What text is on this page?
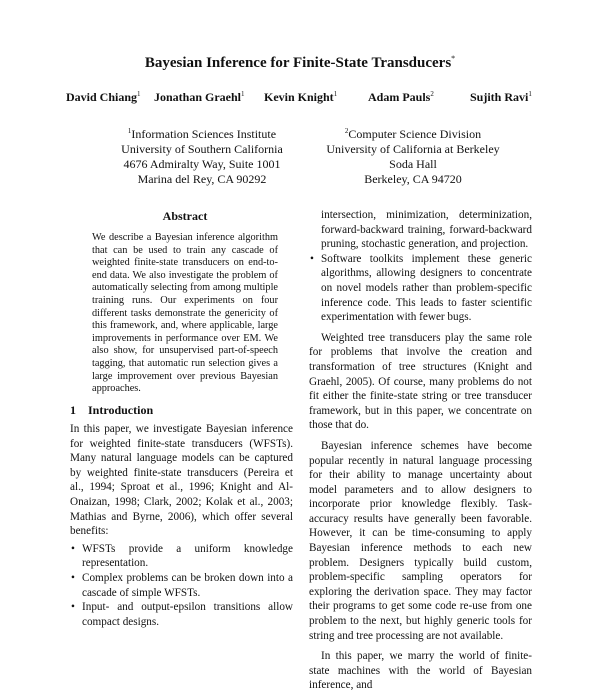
Bayesian Inference for Finite-State Transducers*
David Chiang$^1$ Jonathan Graehl$^1$ Kevin Knight$^1$	Adam Pauls$^2$	Sujith Ravi$^1$
$^1$Information Sciences Institute
University of Southern California
4676 Admiralty Way, Suite 1001
Marina del Rey, CA 90292
$^2$Computer Science Division
University of California at Berkeley
Soda Hall
Berkeley, CA 94720
Abstract
We describe a Bayesian inference algorithm that can be used to train any cascade of weighted finite-state transducers on end-to-end data. We also investigate the problem of automatically selecting from among multiple training runs. Our experiments on four different tasks demonstrate the genericity of this framework, and, where applicable, large improvements in performance over EM. We also show, for unsupervised part-of-speech tagging, that automatic run selection gives a large improvement over previous Bayesian approaches.
1 Introduction

In this paper, we investigate Bayesian inference for weighted finite-state transducers (WFSTs). Many natural language models can be captured by weighted finite-state transducers (Pereira et al., 1994; Sproat et al., 1996; Knight and Al-Onaizan, 1998; Clark, 2002; Kolak et al., 2003; Mathias and Byrne, 2006), which offer several benefits:

• WFSTs provide a uniform knowledge representation.
• Complex problems can be broken down into a cascade of simple WFSTs.
• Input- and output-epsilon transitions allow compact designs.

intersection, minimization, determinization, forward-backward training, forward-backward pruning, stochastic generation, and projection.

• Software toolkits implement these generic algorithms, allowing designers to concentrate on novel models rather than problem-specific inference code. This leads to faster scientific experimentation with fewer bugs.

Weighted tree transducers play the same role for problems that involve the creation and transformation of tree structures (Knight and Graehl, 2005). Of course, many problems do not fit either the finite-state string or tree transducer framework, but in this paper, we concentrate on those that do.

Bayesian inference schemes have become popular recently in natural language processing for their ability to manage uncertainty about model parameters and to allow designers to incorporate prior knowledge flexibly. Task-accuracy results have generally been favorable. However, it can be time-consuming to apply Bayesian inference methods to each new problem. Designers typically build custom, problem-specific sampling operators for exploring the derivation space. They may factor their programs to get some code re-use from one problem to the next, but highly generic tools for string and tree processing are not available.

In this paper, we marry the world of finite-state machines with the world of Bayesian inference, and
